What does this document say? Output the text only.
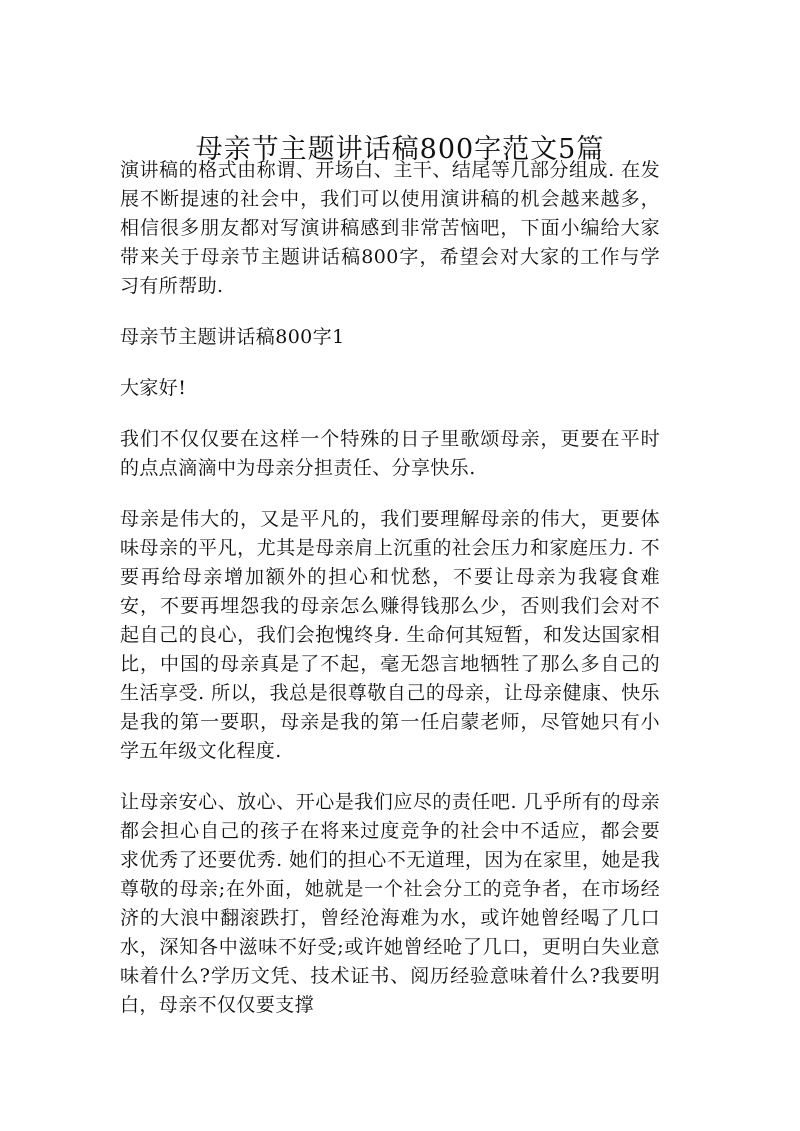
母亲节主题讲话稿800字范文5篇

演讲稿的格式由称谓、开场白、主干、结尾等几部分组成. 在发展不断提速的社会中，我们可以使用演讲稿的机会越来越多，相信很多朋友都对写演讲稿感到非常苦恼吧，下面小编给大家带来关于母亲节主题讲话稿800字，希望会对大家的工作与学习有所帮助.

母亲节主题讲话稿800字1

大家好!

我们不仅仅要在这样一个特殊的日子里歌颂母亲，更要在平时的点点滴滴中为母亲分担责任、分享快乐.

母亲是伟大的，又是平凡的，我们要理解母亲的伟大，更要体味母亲的平凡，尤其是母亲肩上沉重的社会压力和家庭压力. 不要再给母亲增加额外的担心和忧愁，不要让母亲为我寝食难安，不要再埋怨我的母亲怎么赚得钱那么少，否则我们会对不起自己的良心，我们会抱愧终身. 生命何其短暂，和发达国家相比，中国的母亲真是了不起，毫无怨言地牺牲了那么多自己的生活享受. 所以，我总是很尊敬自己的母亲，让母亲健康、快乐是我的第一要职，母亲是我的第一任启蒙老师，尽管她只有小学五年级文化程度.

让母亲安心、放心、开心是我们应尽的责任吧. 几乎所有的母亲都会担心自己的孩子在将来过度竞争的社会中不适应，都会要求优秀了还要优秀. 她们的担心不无道理，因为在家里，她是我尊敬的母亲;在外面，她就是一个社会分工的竞争者，在市场经济的大浪中翻滚跌打，曾经沧海难为水，或许她曾经喝了几口水，深知各中滋味不好受;或许她曾经呛了几口，更明白失业意味着什么?学历文凭、技术证书、阅历经验意味着什么?我要明白，母亲不仅仅要支撑
